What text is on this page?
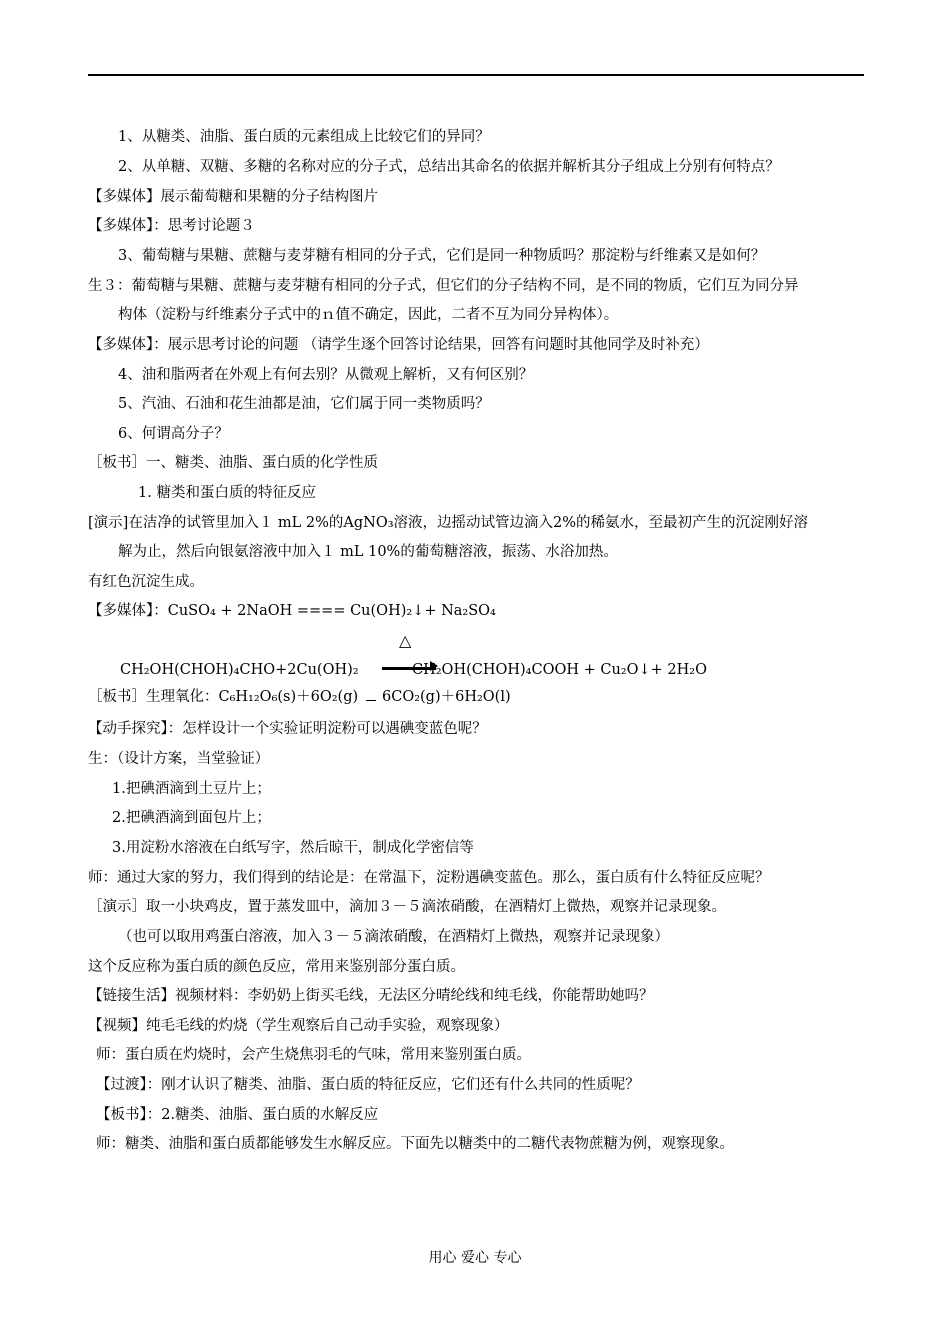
1、从糖类、油脂、蛋白质的元素组成上比较它们的异同？
2、从单糖、双糖、多糖的名称对应的分子式，总结出其命名的依据并解析其分子组成上分别有何特点？
【多媒体】展示葡萄糖和果糖的分子结构图片
【多媒体】：思考讨论题３
3、葡萄糖与果糖、蔗糖与麦芽糖有相同的分子式，它们是同一种物质吗？那淀粉与纤维素又是如何？
生３：葡萄糖与果糖、蔗糖与麦芽糖有相同的分子式，但它们的分子结构不同，是不同的物质，它们互为同分异
构体（淀粉与纤维素分子式中的ｎ值不确定，因此，二者不互为同分异构体）。
【多媒体】：展示思考讨论的问题 （请学生逐个回答讨论结果，回答有问题时其他同学及时补充）
4、油和脂两者在外观上有何去别？从微观上解析，又有何区别？
5、汽油、石油和花生油都是油，它们属于同一类物质吗？
6、何谓高分子？
［板书］一、糖类、油脂、蛋白质的化学性质
1. 糖类和蛋白质的特征反应
[演示]在洁净的试管里加入１ mL 2%的AgNO₃溶液，边摇动试管边滴入2%的稀氨水，至最初产生的沉淀刚好溶
解为止，然后向银氨溶液中加入１ mL 10%的葡萄糖溶液，振荡、水浴加热。
有红色沉淀生成。
【多媒体】：CuSO₄ + 2NaOH ==== Cu(OH)₂↓+ Na₂SO₄
△
CH₂OH(CHOH)₄CHO+2Cu(OH)₂	CH₂OH(CHOH)₄COOH + Cu₂O↓+ 2H₂O
［板书］生理氧化：C₆H₁₂O₆(s)＋6O₂(g) 6CO₂(g)＋6H₂O(l)
【动手探究】：怎样设计一个实验证明淀粉可以遇碘变蓝色呢？
生：（设计方案，当堂验证）
1.把碘酒滴到土豆片上；
2.把碘酒滴到面包片上；
3.用淀粉水溶液在白纸写字，然后晾干，制成化学密信等
师：通过大家的努力，我们得到的结论是：在常温下，淀粉遇碘变蓝色。那么，蛋白质有什么特征反应呢？
［演示］取一小块鸡皮，置于蒸发皿中，滴加３－５滴浓硝酸，在酒精灯上微热，观察并记录现象。
（也可以取用鸡蛋白溶液，加入３－５滴浓硝酸，在酒精灯上微热，观察并记录现象）
这个反应称为蛋白质的颜色反应，常用来鉴别部分蛋白质。
【链接生活】视频材料：李奶奶上街买毛线，无法区分晴纶线和纯毛线，你能帮助她吗？
【视频】纯毛毛线的灼烧（学生观察后自己动手实验，观察现象）
师：蛋白质在灼烧时，会产生烧焦羽毛的气味，常用来鉴别蛋白质。
【过渡】：刚才认识了糖类、油脂、蛋白质的特征反应，它们还有什么共同的性质呢？
【板书】：2.糖类、油脂、蛋白质的水解反应
师：糖类、油脂和蛋白质都能够发生水解反应。下面先以糖类中的二糖代表物蔗糖为例，观察现象。
用心 爱心 专心
